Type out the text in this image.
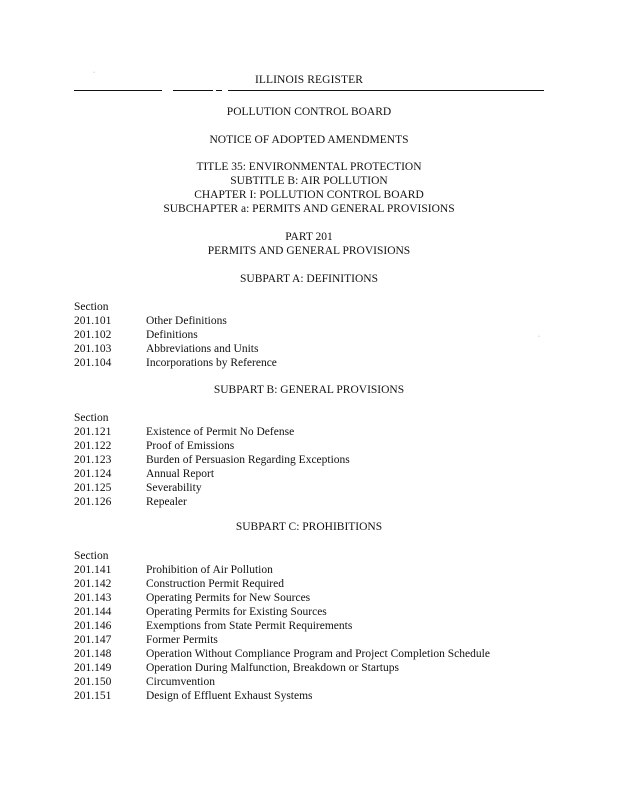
·
·
ILLINOIS REGISTER
POLLUTION CONTROL BOARD
NOTICE OF ADOPTED AMENDMENTS
TITLE 35: ENVIRONMENTAL PROTECTION
SUBTITLE B: AIR POLLUTION
CHAPTER I: POLLUTION CONTROL BOARD
SUBCHAPTER a: PERMITS AND GENERAL PROVISIONS
PART 201
PERMITS AND GENERAL PROVISIONS
SUBPART A: DEFINITIONS
Section
201.101	Other Definitions
201.102	Definitions
201.103	Abbreviations and Units
201.104	Incorporations by Reference
SUBPART B: GENERAL PROVISIONS
Section
201.121	Existence of Permit No Defense
201.122	Proof of Emissions
201.123	Burden of Persuasion Regarding Exceptions
201.124	Annual Report
201.125	Severability
201.126	Repealer
SUBPART C: PROHIBITIONS
Section
201.141	Prohibition of Air Pollution
201.142	Construction Permit Required
201.143	Operating Permits for New Sources
201.144	Operating Permits for Existing Sources
201.146	Exemptions from State Permit Requirements
201.147	Former Permits
201.148	Operation Without Compliance Program and Project Completion Schedule
201.149	Operation During Malfunction, Breakdown or Startups
201.150	Circumvention
201.151	Design of Effluent Exhaust Systems
